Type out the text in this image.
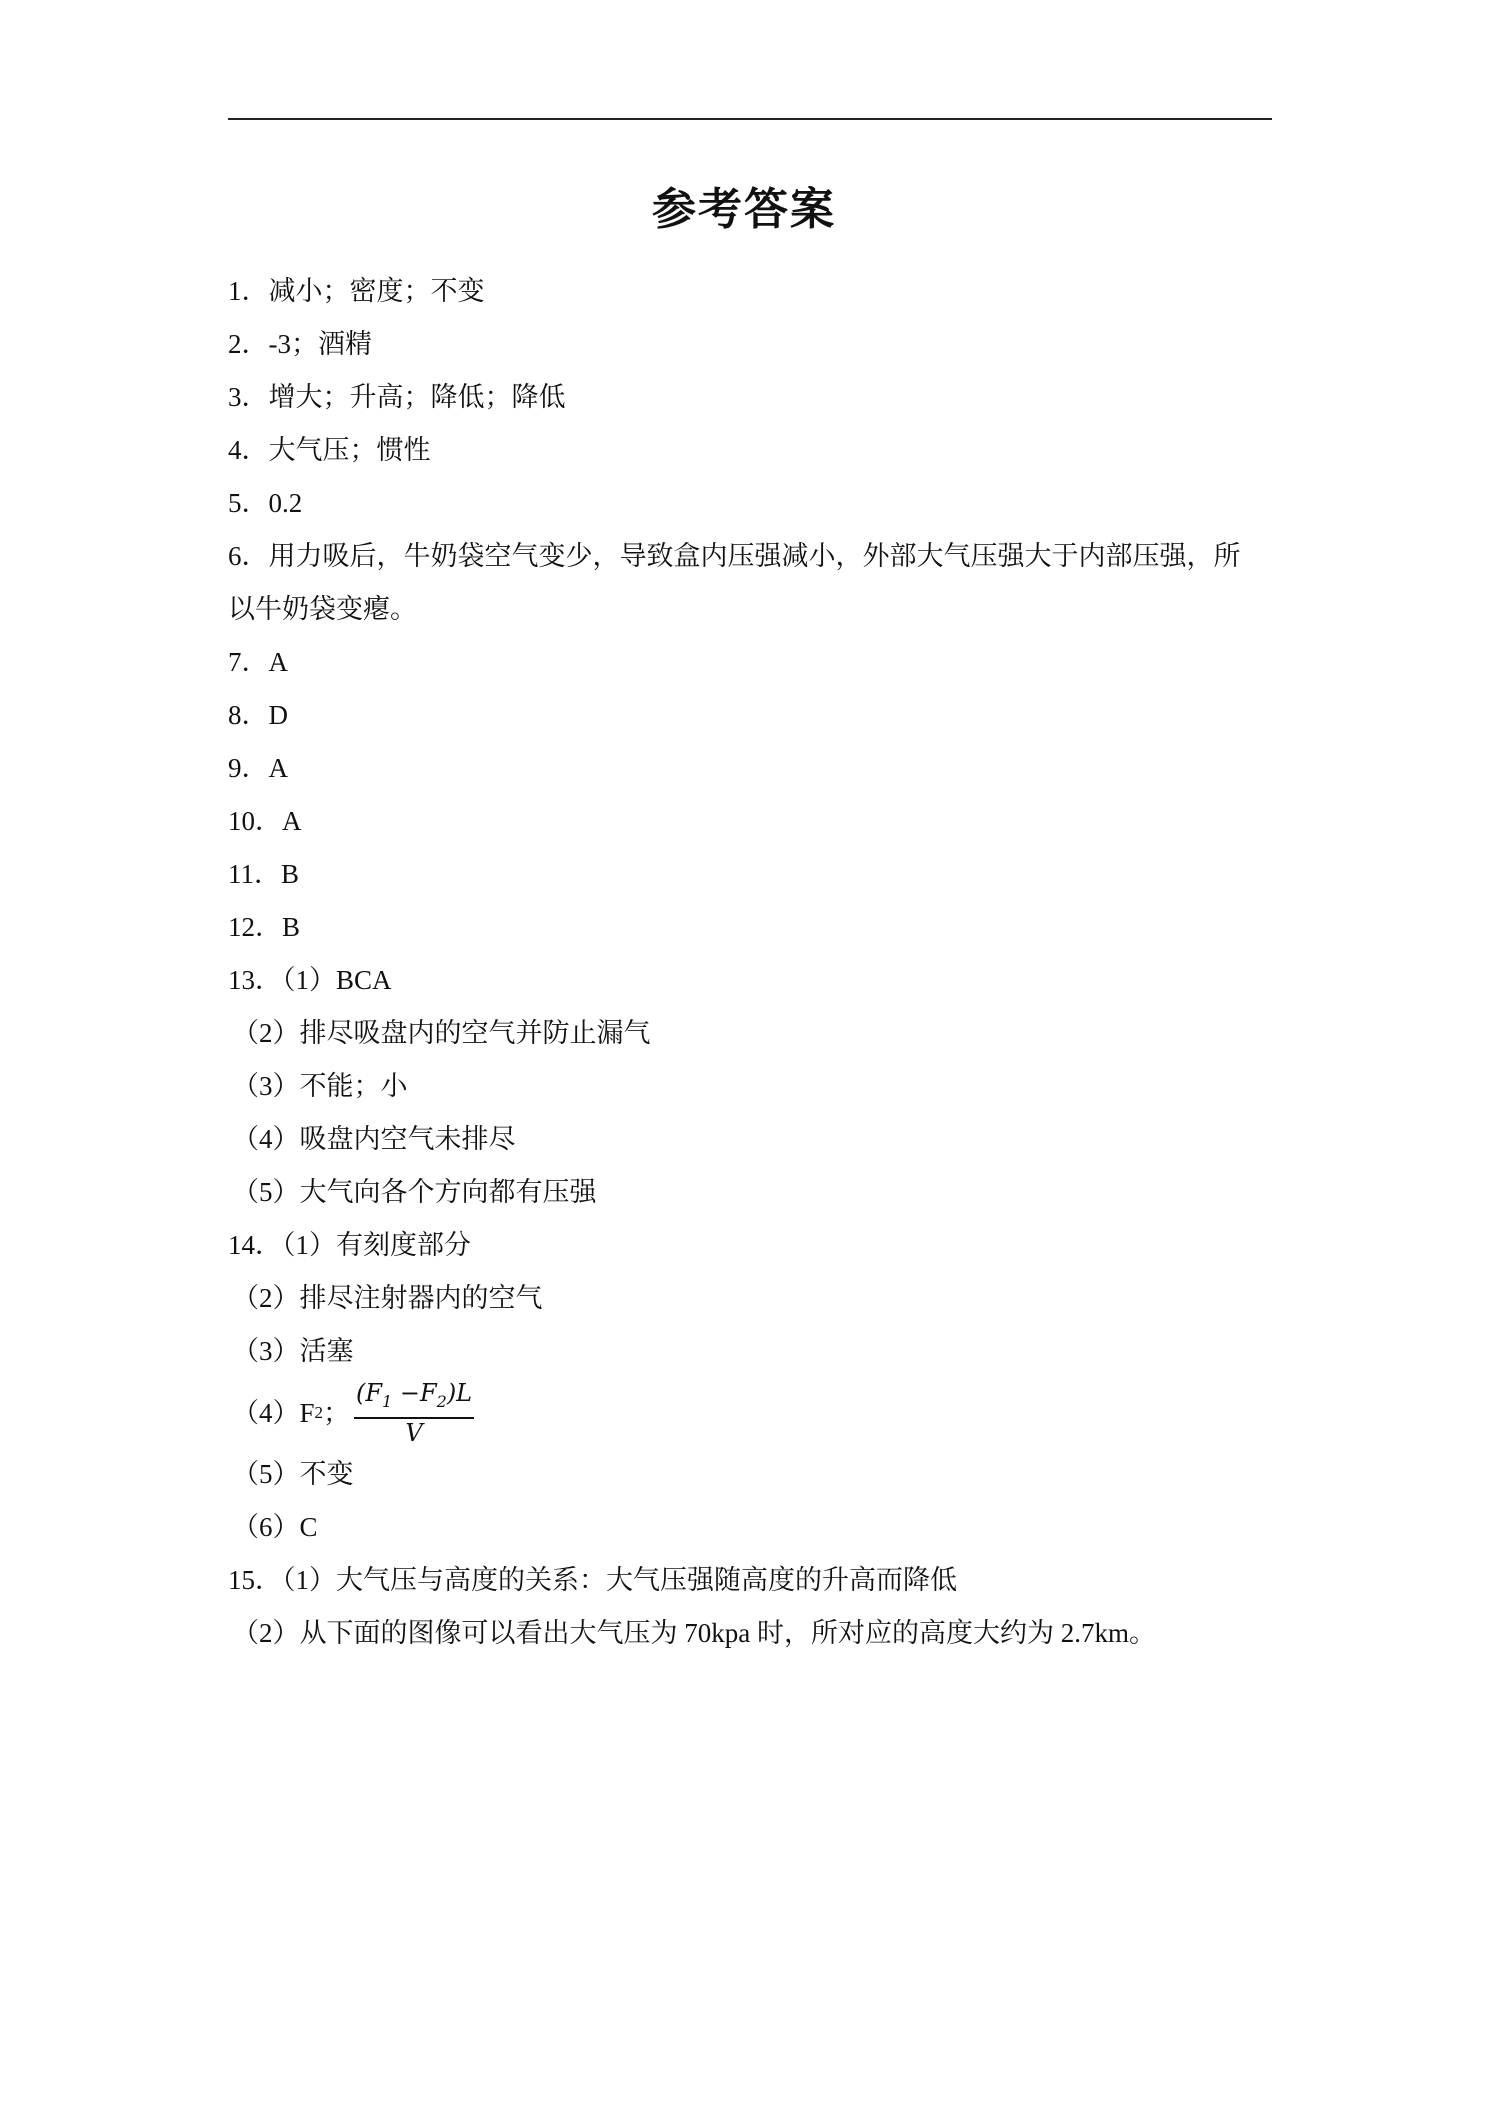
参考答案
1．减小；密度；不变
2．-3；酒精
3．增大；升高；降低；降低
4．大气压；惯性
5．0.2
6．用力吸后，牛奶袋空气变少，导致盒内压强减小，外部大气压强大于内部压强，所
以牛奶袋变瘪。
7．A
8．D
9．A
10．A
11．B
12．B
13．（1）BCA
（2）排尽吸盘内的空气并防止漏气
（3）不能；小
（4）吸盘内空气未排尽
（5）大气向各个方向都有压强
14．（1）有刻度部分
（2）排尽注射器内的空气
（3）活塞
（4）F 2 ； $\frac{(F_1 -F_2)L}{V}$
（5）不变
（6）C
15．（1）大气压与高度的关系：大气压强随高度的升高而降低
（2）从下面的图像可以看出大气压为 70kpa 时，所对应的高度大约为 2.7km。
